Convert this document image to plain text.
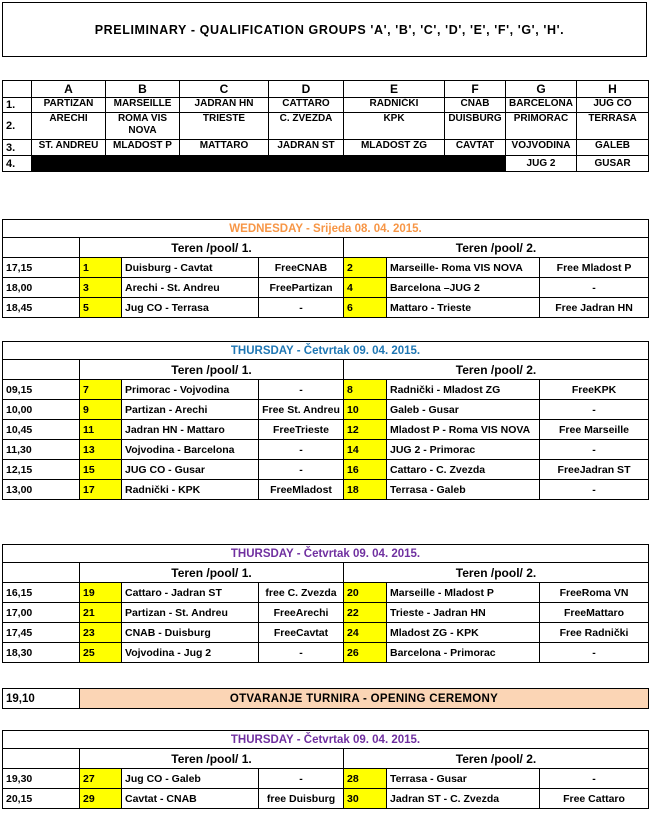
PRELIMINARY - QUALIFICATION GROUPS 'A', 'B', 'C', 'D', 'E', 'F', 'G', 'H'.
	A	B	C	D	E	F	G	H
1.	PARTIZAN	MARSEILLE	JADRAN HN	CATTARO	RADNIČKI	CNAB	BARCELONA	JUG CO
2.	ARECHI	ROMA VIS
NOVA	TRIESTE	C. ZVEZDA	KPK	DUISBURG	PRIMORAC	TERRASA
3.	ST. ANDREU	MLADOST P	MATTARO	JADRAN ST	MLADOST ZG	CAVTAT	VOJVODINA	GALEB
4.							JUG 2	GUSAR
WEDNESDAY - Srijeda 08. 04. 2015.						
	Teren /pool/ 1.			Teren /pool/ 2.		
17,15	1	Duisburg - Cavtat	FreeCNAB	2	Marseille- Roma VIS NOVA	Free Mladost P
18,00	3	Arechi - St. Andreu	FreePartizan	4	Barcelona –JUG 2	-
18,45	5	Jug CO - Terrasa	-	6	Mattaro - Trieste	Free Jadran HN
THURSDAY - Četvrtak 09. 04. 2015.						
	Teren /pool/ 1.			Teren /pool/ 2.		
09,15	7	Primorac - Vojvodina	-	8	Radnički - Mladost ZG	FreeKPK
10,00	9	Partizan - Arechi	Free St. Andreu	10	Galeb - Gusar	-
10,45	11	Jadran HN - Mattaro	FreeTrieste	12	Mladost P - Roma VIS NOVA	Free Marseille
11,30	13	Vojvodina - Barcelona	-	14	JUG 2 - Primorac	-
12,15	15	JUG CO - Gusar	-	16	Cattaro - C. Zvezda	FreeJadran ST
13,00	17	Radnički - KPK	FreeMladost	18	Terrasa - Galeb	-
THURSDAY - Četvrtak 09. 04. 2015.						
	Teren /pool/ 1.			Teren /pool/ 2.		
16,15	19	Cattaro - Jadran ST	free C. Zvezda	20	Marseille - Mladost P	FreeRoma VN
17,00	21	Partizan - St. Andreu	FreeArechi	22	Trieste - Jadran HN	FreeMattaro
17,45	23	CNAB - Duisburg	FreeCavtat	24	Mladost ZG - KPK	Free Radnički
18,30	25	Vojvodina - Jug 2	-	26	Barcelona - Primorac	-
19,10	OTVARANJE TURNIRA - OPENING CEREMONY
THURSDAY - Četvrtak 09. 04. 2015.						
	Teren /pool/ 1.			Teren /pool/ 2.		
19,30	27	Jug CO - Galeb	-	28	Terrasa - Gusar	-
20,15	29	Cavtat - CNAB	free Duisburg	30	Jadran ST - C. Zvezda	Free Cattaro
